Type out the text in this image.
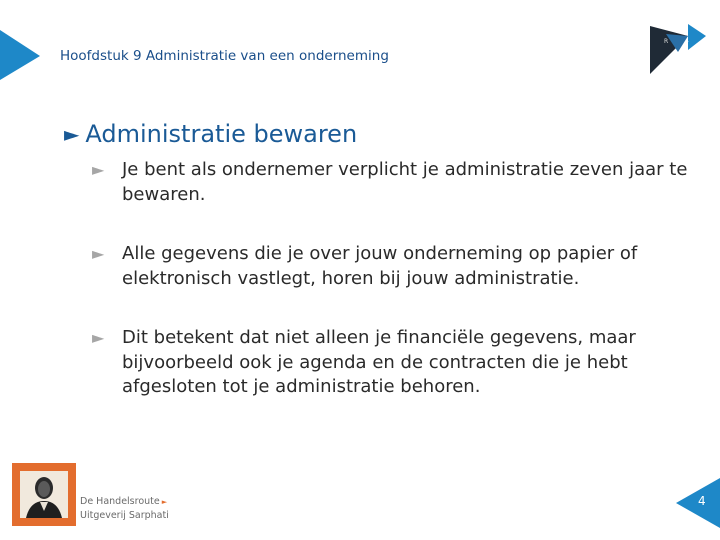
Hoofdstuk 9 Administratie van een onderneming
R	4
► Administratie bewaren
► Je bent als ondernemer verplicht je administratie zeven jaar te bewaren.
► Alle gegevens die je over jouw onderneming op papier of elektronisch vastlegt, horen bij jouw administratie.
► Dit betekent dat niet alleen je financiële gegevens, maar bijvoorbeeld ook je agenda en de contracten die je hebt afgesloten tot je administratie behoren.
De Handelsroute ►
Uitgeverij Sarphati
4
